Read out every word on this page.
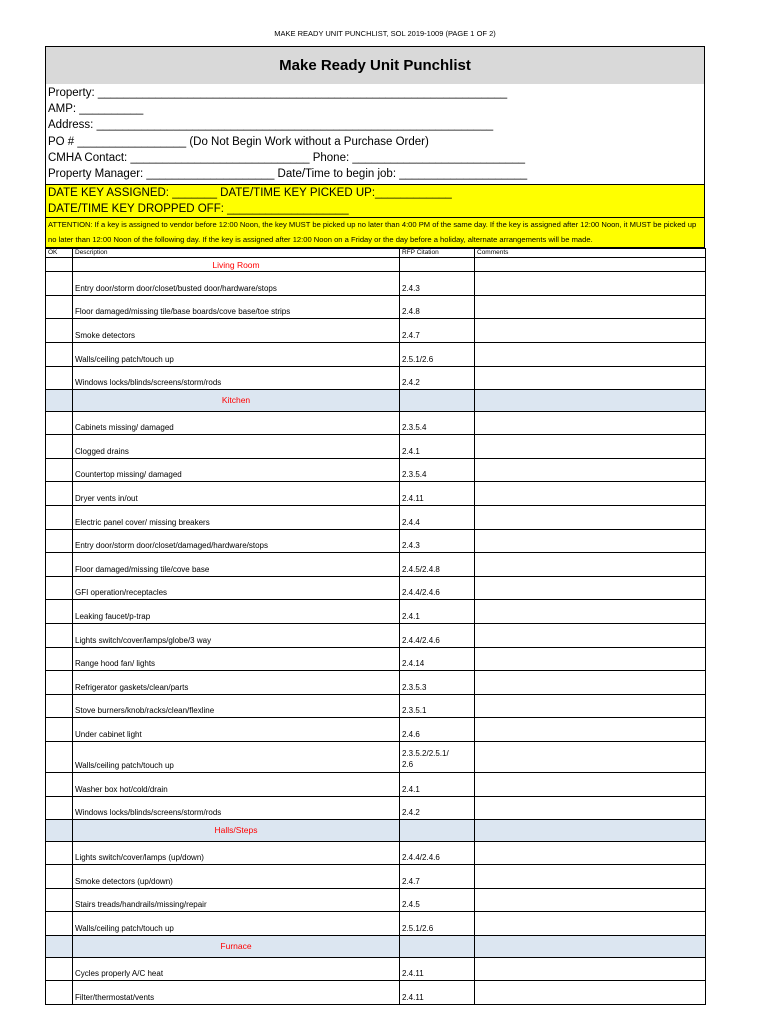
MAKE READY UNIT PUNCHLIST, SOL 2019-1009 (PAGE 1 OF 2)
Make Ready Unit Punchlist
Property: ________________________________________________________________
AMP: __________
Address: ______________________________________________________________
PO # _________________ (Do Not Begin Work without a Purchase Order)
CMHA Contact: ____________________________ Phone: ___________________________
Property Manager: ____________________ Date/Time to begin job: ____________________
DATE KEY ASSIGNED: _______ DATE/TIME KEY PICKED UP:____________
DATE/TIME KEY DROPPED OFF: ___________________
ATTENTION: If a key is assigned to vendor before 12:00 Noon, the key MUST be picked up no later than 4:00 PM of the same day. If the key is assigned after 12:00 Noon, it MUST be picked up no later than 12:00 Noon of the following day. If the key is assigned after 12:00 Noon on a Friday or the day before a holiday, alternate arrangements will be made.
OK	Description	RFP Citation	Comments
	Living Room		
	Entry door/storm door/closet/busted door/hardware/stops	2.4.3	
	Floor damaged/missing tile/base boards/cove base/toe strips	2.4.8	
	Smoke detectors	2.4.7	
	Walls/ceiling patch/touch up	2.5.1/2.6	
	Windows locks/blinds/screens/storm/rods	2.4.2	
	Kitchen		
	Cabinets missing/ damaged	2.3.5.4	
	Clogged drains	2.4.1	
	Countertop missing/ damaged	2.3.5.4	
	Dryer vents in/out	2.4.11	
	Electric panel cover/ missing breakers	2.4.4	
	Entry door/storm door/closet/damaged/hardware/stops	2.4.3	
	Floor damaged/missing tile/cove base	2.4.5/2.4.8	
	GFI operation/receptacles	2.4.4/2.4.6	
	Leaking faucet/p-trap	2.4.1	
	Lights switch/cover/lamps/globe/3 way	2.4.4/2.4.6	
	Range hood fan/ lights	2.4.14	
	Refrigerator gaskets/clean/parts	2.3.5.3	
	Stove burners/knob/racks/clean/flexline	2.3.5.1	
	Under cabinet light	2.4.6	
	Walls/ceiling patch/touch up	2.3.5.2/2.5.1/
2.6	

	Washer box hot/cold/drain	2.4.1	
	Windows locks/blinds/screens/storm/rods	2.4.2	
	Halls/Steps		
	Lights switch/cover/lamps (up/down)	2.4.4/2.4.6	
	Smoke detectors (up/down)	2.4.7	
	Stairs treads/handrails/missing/repair	2.4.5	
	Walls/ceiling patch/touch up	2.5.1/2.6	
	Furnace		
	Cycles properly A/C heat	2.4.11	
	Filter/thermostat/vents	2.4.11	
